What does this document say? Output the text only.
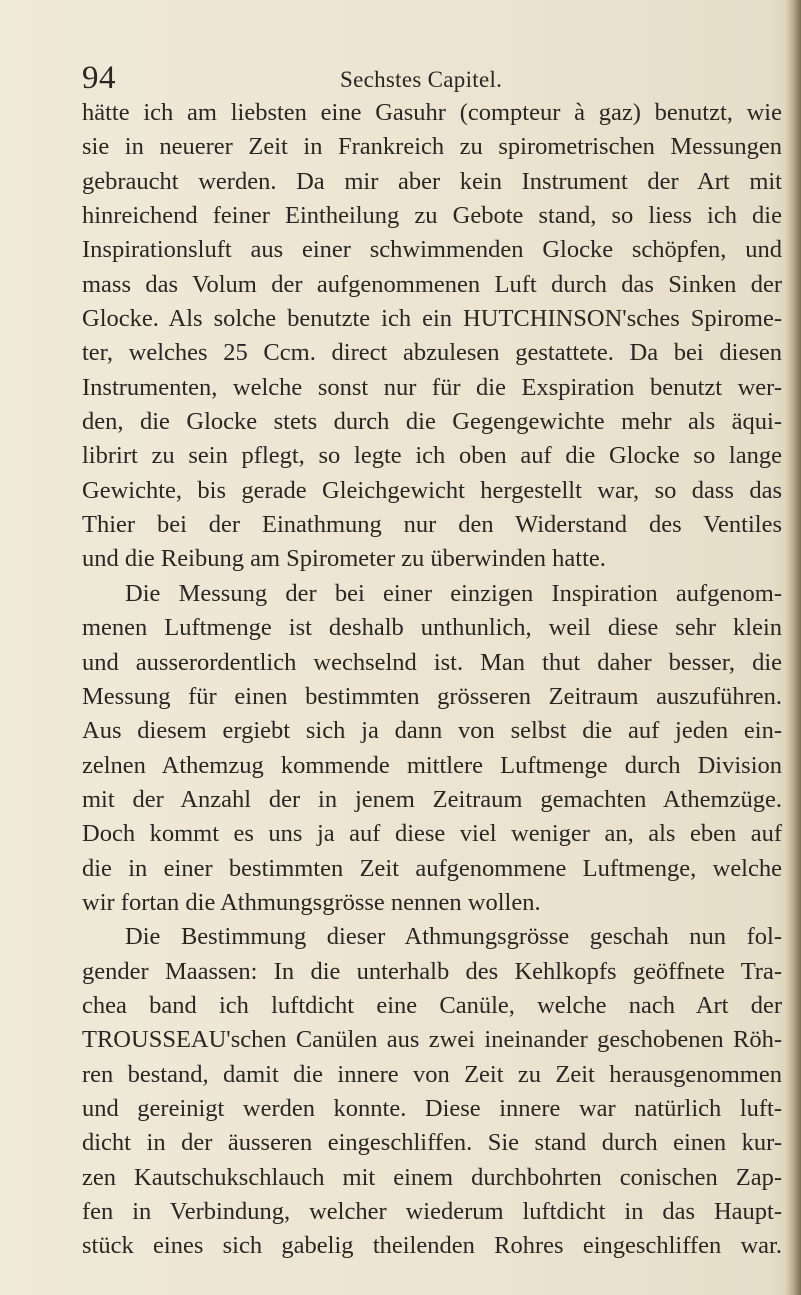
94	Sechstes Capitel.

hätte ich am liebsten eine Gasuhr (compteur à gaz) benutzt, wie
sie in neuerer Zeit in Frankreich zu spirometrischen Messungen
gebraucht werden. Da mir aber kein Instrument der Art mit
hinreichend feiner Eintheilung zu Gebote stand, so liess ich die
Inspirationsluft aus einer schwimmenden Glocke schöpfen, und
mass das Volum der aufgenommenen Luft durch das Sinken der
Glocke. Als solche benutzte ich ein HUTCHINSON'sches Spirome-
ter, welches 25 Ccm. direct abzulesen gestattete. Da bei diesen
Instrumenten, welche sonst nur für die Exspiration benutzt wer-
den, die Glocke stets durch die Gegengewichte mehr als äqui-
librirt zu sein pflegt, so legte ich oben auf die Glocke so lange
Gewichte, bis gerade Gleichgewicht hergestellt war, so dass das
Thier bei der Einathmung nur den Widerstand des Ventiles
und die Reibung am Spirometer zu überwinden hatte.
Die Messung der bei einer einzigen Inspiration aufgenom-
menen Luftmenge ist deshalb unthunlich, weil diese sehr klein
und ausserordentlich wechselnd ist. Man thut daher besser, die
Messung für einen bestimmten grösseren Zeitraum auszuführen.
Aus diesem ergiebt sich ja dann von selbst die auf jeden ein-
zelnen Athemzug kommende mittlere Luftmenge durch Division
mit der Anzahl der in jenem Zeitraum gemachten Athemzüge.
Doch kommt es uns ja auf diese viel weniger an, als eben auf
die in einer bestimmten Zeit aufgenommene Luftmenge, welche
wir fortan die Athmungsgrösse nennen wollen.
Die Bestimmung dieser Athmungsgrösse geschah nun fol-
gender Maassen: In die unterhalb des Kehlkopfs geöffnete Tra-
chea band ich luftdicht eine Canüle, welche nach Art der
TROUSSEAU'schen Canülen aus zwei ineinander geschobenen Röh-
ren bestand, damit die innere von Zeit zu Zeit herausgenommen
und gereinigt werden konnte. Diese innere war natürlich luft-
dicht in der äusseren eingeschliffen. Sie stand durch einen kur-
zen Kautschukschlauch mit einem durchbohrten conischen Zap-
fen in Verbindung, welcher wiederum luftdicht in das Haupt-
stück eines sich gabelig theilenden Rohres eingeschliffen war.
